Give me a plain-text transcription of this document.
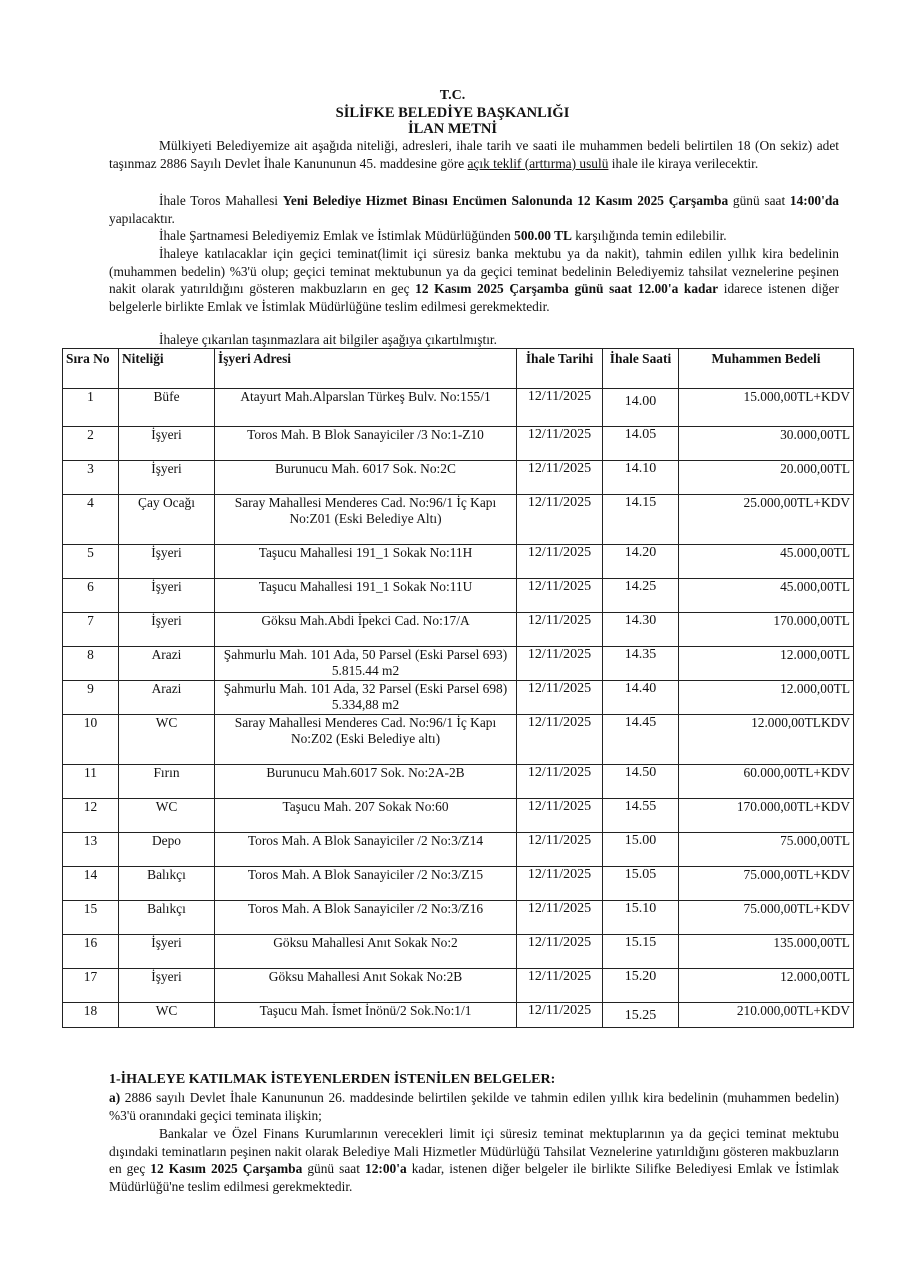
T.C.
SİLİFKE BELEDİYE BAŞKANLIĞI
İLAN METNİ
Mülkiyeti Belediyemize ait aşağıda niteliği, adresleri, ihale tarih ve saati ile muhammen bedeli belirtilen 18 (On sekiz) adet taşınmaz 2886 Sayılı Devlet İhale Kanununun 45. maddesine göre açık teklif (arttırma) usulü ihale ile kiraya verilecektir.
İhale Toros Mahallesi Yeni Belediye Hizmet Binası Encümen Salonunda 12 Kasım 2025 Çarşamba günü saat 14:00'da yapılacaktır.
İhale Şartnamesi Belediyemiz Emlak ve İstimlak Müdürlüğünden 500.00 TL karşılığında temin edilebilir.
İhaleye katılacaklar için geçici teminat(limit içi süresiz banka mektubu ya da nakit), tahmin edilen yıllık kira bedelinin (muhammen bedelin) %3'ü olup; geçici teminat mektubunun ya da geçici teminat bedelinin Belediyemiz tahsilat veznelerine peşinen nakit olarak yatırıldığını gösteren makbuzların en geç 12 Kasım 2025 Çarşamba günü saat 12.00'a kadar idarece istenen diğer belgelerle birlikte Emlak ve İstimlak Müdürlüğüne teslim edilmesi gerekmektedir.
İhaleye çıkarılan taşınmazlara ait bilgiler aşağıya çıkartılmıştır.
Sıra No	Niteliği	İşyeri Adresi	İhale Tarihi	İhale Saati	Muhammen Bedeli
1	Büfe	Atayurt Mah.Alparslan Türkeş Bulv. No:155/1	12/11/2025	14.00	15.000,00TL+KDV
2	İşyeri	Toros Mah. B Blok Sanayiciler /3 No:1-Z10	12/11/2025	14.05	30.000,00TL
3	İşyeri	Burunucu Mah. 6017 Sok. No:2C	12/11/2025	14.10	20.000,00TL
4	Çay Ocağı	Saray Mahallesi Menderes Cad. No:96/1 İç Kapı No:Z01 (Eski Belediye Altı)	12/11/2025	14.15	25.000,00TL+KDV
5	İşyeri	Taşucu Mahallesi 191_1 Sokak No:11H	12/11/2025	14.20	45.000,00TL
6	İşyeri	Taşucu Mahallesi 191_1 Sokak No:11U	12/11/2025	14.25	45.000,00TL
7	İşyeri	Göksu Mah.Abdi İpekci Cad. No:17/A	12/11/2025	14.30	170.000,00TL
8	Arazi	Şahmurlu Mah. 101 Ada, 50 Parsel (Eski Parsel 693) 5.815.44 m2	12/11/2025	14.35	12.000,00TL
9	Arazi	Şahmurlu Mah. 101 Ada, 32 Parsel (Eski Parsel 698) 5.334,88 m2	12/11/2025	14.40	12.000,00TL
10	WC	Saray Mahallesi Menderes Cad. No:96/1 İç Kapı No:Z02 (Eski Belediye altı)	12/11/2025	14.45	12.000,00TLKDV
11	Fırın	Burunucu Mah.6017 Sok. No:2A-2B	12/11/2025	14.50	60.000,00TL+KDV
12	WC	Taşucu Mah. 207 Sokak No:60	12/11/2025	14.55	170.000,00TL+KDV
13	Depo	Toros Mah. A Blok Sanayiciler /2 No:3/Z14	12/11/2025	15.00	75.000,00TL
14	Balıkçı	Toros Mah. A Blok Sanayiciler /2 No:3/Z15	12/11/2025	15.05	75.000,00TL+KDV
15	Balıkçı	Toros Mah. A Blok Sanayiciler /2 No:3/Z16	12/11/2025	15.10	75.000,00TL+KDV
16	İşyeri	Göksu Mahallesi Anıt Sokak No:2	12/11/2025	15.15	135.000,00TL
17	İşyeri	Göksu Mahallesi Anıt Sokak No:2B	12/11/2025	15.20	12.000,00TL
18	WC	Taşucu Mah. İsmet İnönü/2 Sok.No:1/1	12/11/2025	15.25	210.000,00TL+KDV
1-İHALEYE KATILMAK İSTEYENLERDEN İSTENİLEN BELGELER:
a) 2886 sayılı Devlet İhale Kanununun 26. maddesinde belirtilen şekilde ve tahmin edilen yıllık kira bedelinin (muhammen bedelin) %3'ü oranındaki geçici teminata ilişkin;
Bankalar ve Özel Finans Kurumlarının verecekleri limit içi süresiz teminat mektuplarının ya da geçici teminat mektubu dışındaki teminatların peşinen nakit olarak Belediye Mali Hizmetler Müdürlüğü Tahsilat Veznelerine yatırıldığını gösteren makbuzların en geç 12 Kasım 2025 Çarşamba günü saat 12:00'a kadar, istenen diğer belgeler ile birlikte Silifke Belediyesi Emlak ve İstimlak Müdürlüğü'ne teslim edilmesi gerekmektedir.
